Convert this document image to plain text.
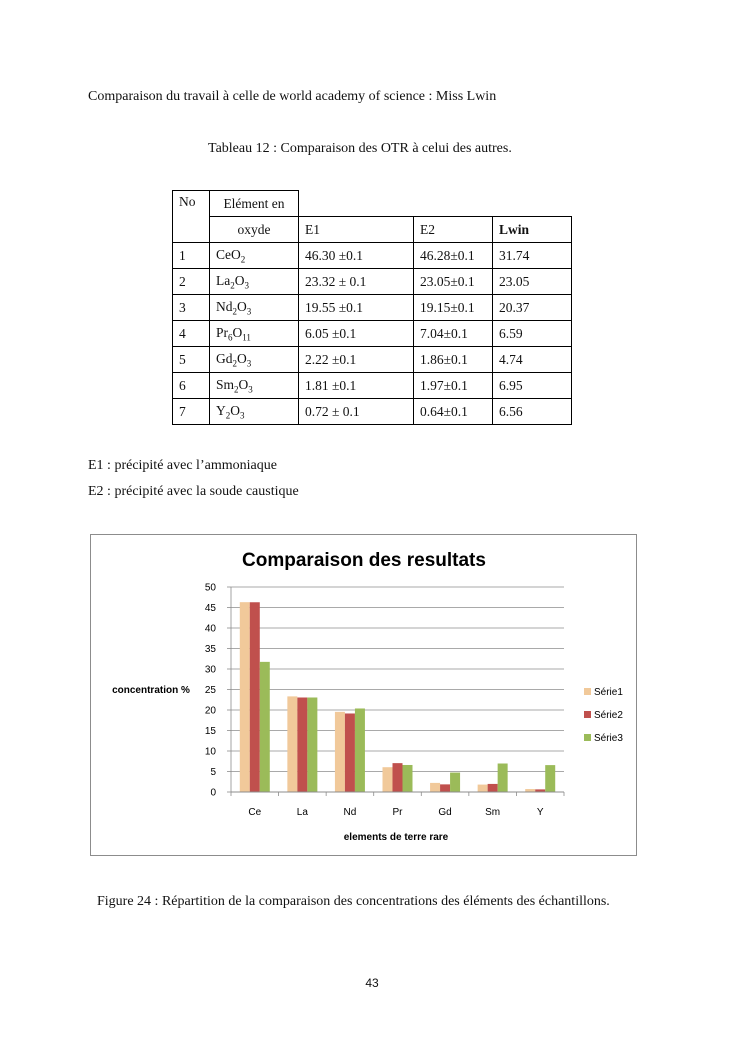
Comparaison du travail à celle de world academy of science : Miss Lwin
Tableau 12 : Comparaison des OTR à celui des autres.
No	Elément en			
	oxyde	E1	E2	Lwin
1	CeO$_2$	46.30 ±0.1	46.28±0.1	31.74
2	$La_2O_3$	23.32 ± 0.1	23.05±0.1	23.05
3	$Nd_2O_3$	19.55 ±0.1	19.15±0.1	20.37
4	$Pr_6O_{11}$	6.05 ±0.1	7.04±0.1	6.59
5	$Gd_2O_3$	2.22 ±0.1	1.86±0.1	4.74
6	$Sm_2O_3$	1.81 ±0.1	1.97±0.1	6.95
7	$Y_2O_3$	0.72 ± 0.1	0.64±0.1	6.56
E1 : précipité avec l’ammoniaque
E2 : précipité avec la soude caustique
Comparaison des resultats
concentration %
elements de terre rare
0
5
10
15
20
25
30
35
40
45
50
Ce	La	Nd	Pr	Gd	Sm	Y
Série1
Série2
Série3
Figure 24 : Répartition de la comparaison des concentrations des éléments des échantillons.
43
